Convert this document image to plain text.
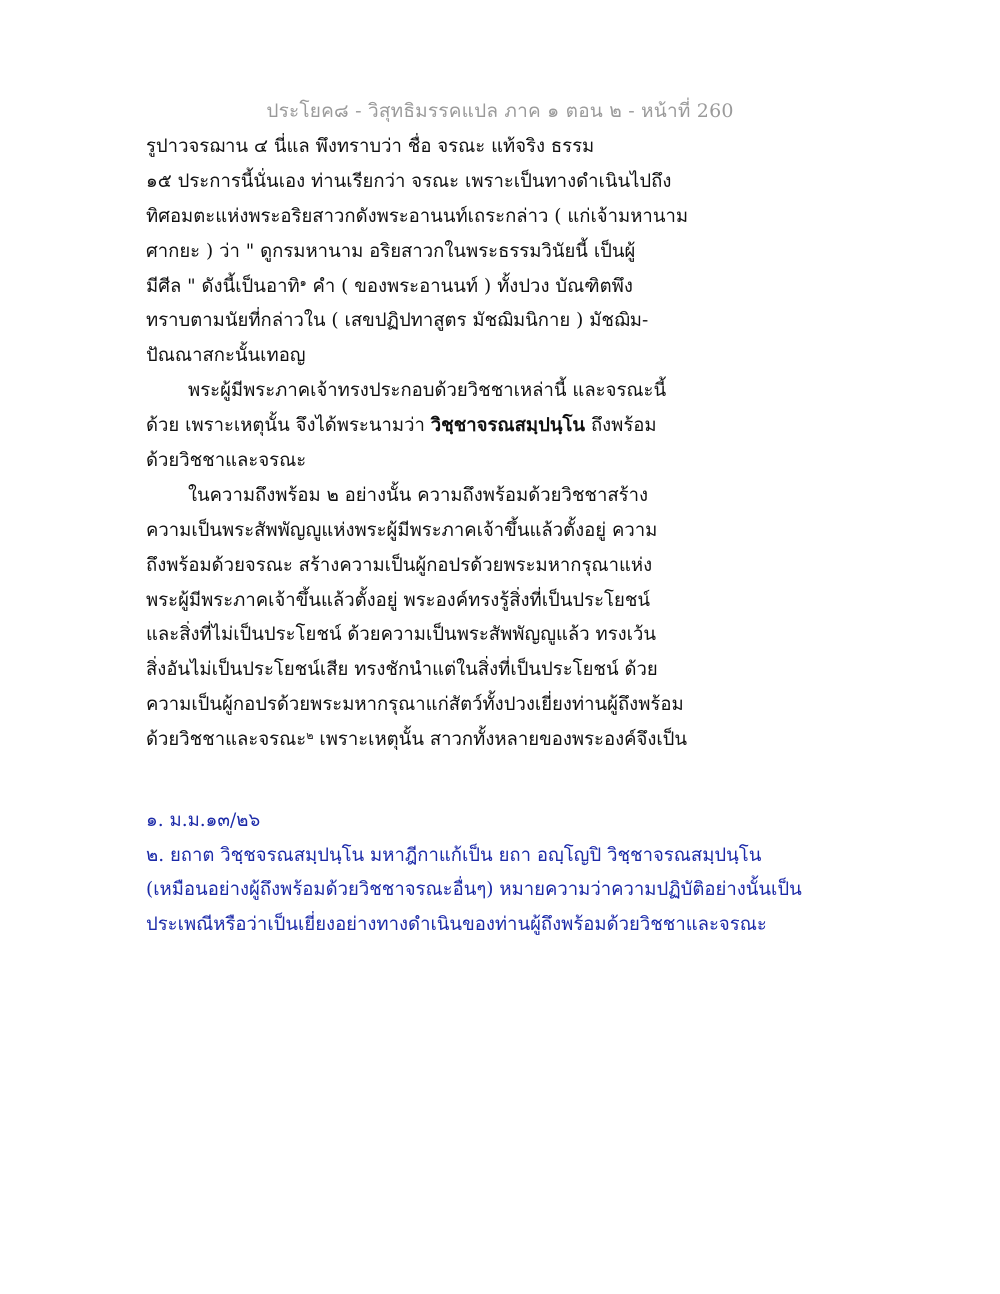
ประโยค๘ - วิสุทธิมรรคแปล ภาค ๑ ตอน ๒ - หน้าที่ 260
รูปาวจรฌาน ๔ นี่แล พึงทราบว่า ชื่อ จรณะ แท้จริง ธรรม
๑๕ ประการนี้นั่นเอง ท่านเรียกว่า จรณะ เพราะเป็นทางดำเนินไปถึง
ทิศอมตะแห่งพระอริยสาวกดังพระอานนท์เถระกล่าว ( แก่เจ้ามหานาม
ศากยะ ) ว่า " ดูกรมหานาม อริยสาวกในพระธรรมวินัยนี้ เป็นผู้
มีศีล " ดังนี้เป็นอาทิ$^๑$ คำ ( ของพระอานนท์ ) ทั้งปวง บัณฑิตพึง
ทราบตามนัยที่กล่าวใน ( เสขปฏิปทาสูตร มัชฌิมนิกาย ) มัชฌิม-
ปัณณาสกะนั้นเทอญ
พระผู้มีพระภาคเจ้าทรงประกอบด้วยวิชชาเหล่านี้ และจรณะนี้
ด้วย เพราะเหตุนั้น จึงได้พระนามว่า วิชฺชาจรณสมฺปนฺโน ถึงพร้อม
ด้วยวิชชาและจรณะ
ในความถึงพร้อม ๒ อย่างนั้น ความถึงพร้อมด้วยวิชชาสร้าง
ความเป็นพระสัพพัญญูแห่งพระผู้มีพระภาคเจ้าขึ้นแล้วตั้งอยู่ ความ
ถึงพร้อมด้วยจรณะ สร้างความเป็นผู้กอปรด้วยพระมหากรุณาแห่ง
พระผู้มีพระภาคเจ้าขึ้นแล้วตั้งอยู่ พระองค์ทรงรู้สิ่งที่เป็นประโยชน์
และสิ่งที่ไม่เป็นประโยชน์ ด้วยความเป็นพระสัพพัญญูแล้ว ทรงเว้น
สิ่งอันไม่เป็นประโยชน์เสีย ทรงชักนำแต่ในสิ่งที่เป็นประโยชน์ ด้วย
ความเป็นผู้กอปรด้วยพระมหากรุณาแก่สัตว์ทั้งปวงเยี่ยงท่านผู้ถึงพร้อม
ด้วยวิชชาและจรณะ$^๒$ เพราะเหตุนั้น สาวกทั้งหลายของพระองค์จึงเป็น
๑. ม.ม.๑๓/๒๖
๒. ยถาต วิชฺชจรณสมฺปนฺโน มหาฎีกาแก้เป็น ยถา อญฺโญปิ วิชฺชาจรณสมฺปนฺโน
(เหมือนอย่างผู้ถึงพร้อมด้วยวิชชาจรณะอื่นๆ) หมายความว่าความปฏิบัติอย่างนั้นเป็น
ประเพณีหรือว่าเป็นเยี่ยงอย่างทางดำเนินของท่านผู้ถึงพร้อมด้วยวิชชาและจรณะ
